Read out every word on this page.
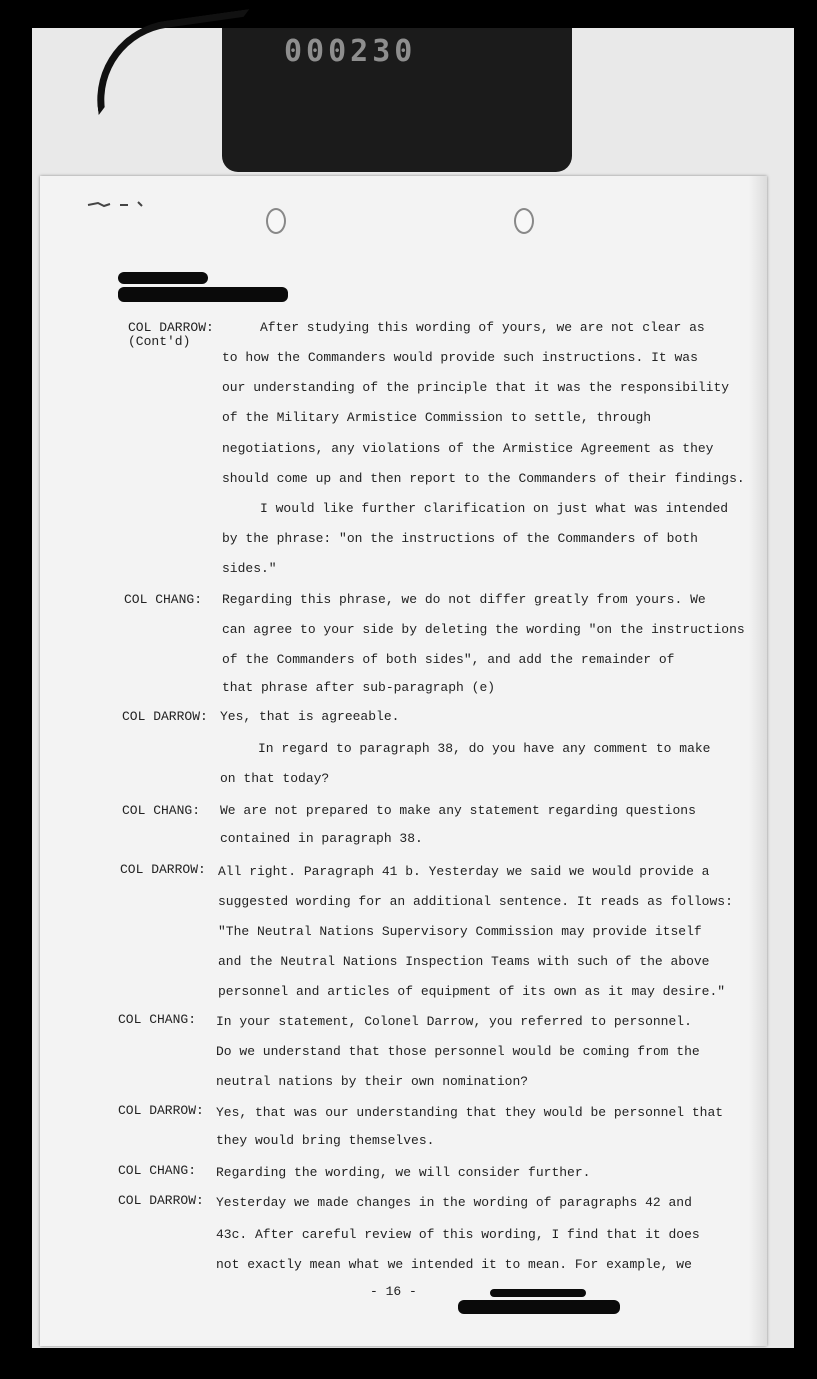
000230
COL DARROW:
(Cont'd)
After studying this wording of yours, we are not clear as
to how the Commanders would provide such instructions. It was
our understanding of the principle that it was the responsibility
of the Military Armistice Commission to settle, through
negotiations, any violations of the Armistice Agreement as they
should come up and then report to the Commanders of their findings.
I would like further clarification on just what was intended
by the phrase: "on the instructions of the Commanders of both
sides."
COL CHANG: Regarding this phrase, we do not differ greatly from yours. We
can agree to your side by deleting the wording "on the instructions
of the Commanders of both sides", and add the remainder of
that phrase after sub-paragraph (e)
COL DARROW: Yes, that is agreeable.
In regard to paragraph 38, do you have any comment to make
on that today?
COL CHANG: We are not prepared to make any statement regarding questions
contained in paragraph 38.
COL DARROW: All right. Paragraph 41 b. Yesterday we said we would provide a
suggested wording for an additional sentence. It reads as follows:
"The Neutral Nations Supervisory Commission may provide itself
and the Neutral Nations Inspection Teams with such of the above
personnel and articles of equipment of its own as it may desire."
COL CHANG: In your statement, Colonel Darrow, you referred to personnel.
Do we understand that those personnel would be coming from the
neutral nations by their own nomination?
COL DARROW: Yes, that was our understanding that they would be personnel that
they would bring themselves.
COL CHANG: Regarding the wording, we will consider further.
COL DARROW: Yesterday we made changes in the wording of paragraphs 42 and
43c. After careful review of this wording, I find that it does
not exactly mean what we intended it to mean. For example, we
- 16 -
